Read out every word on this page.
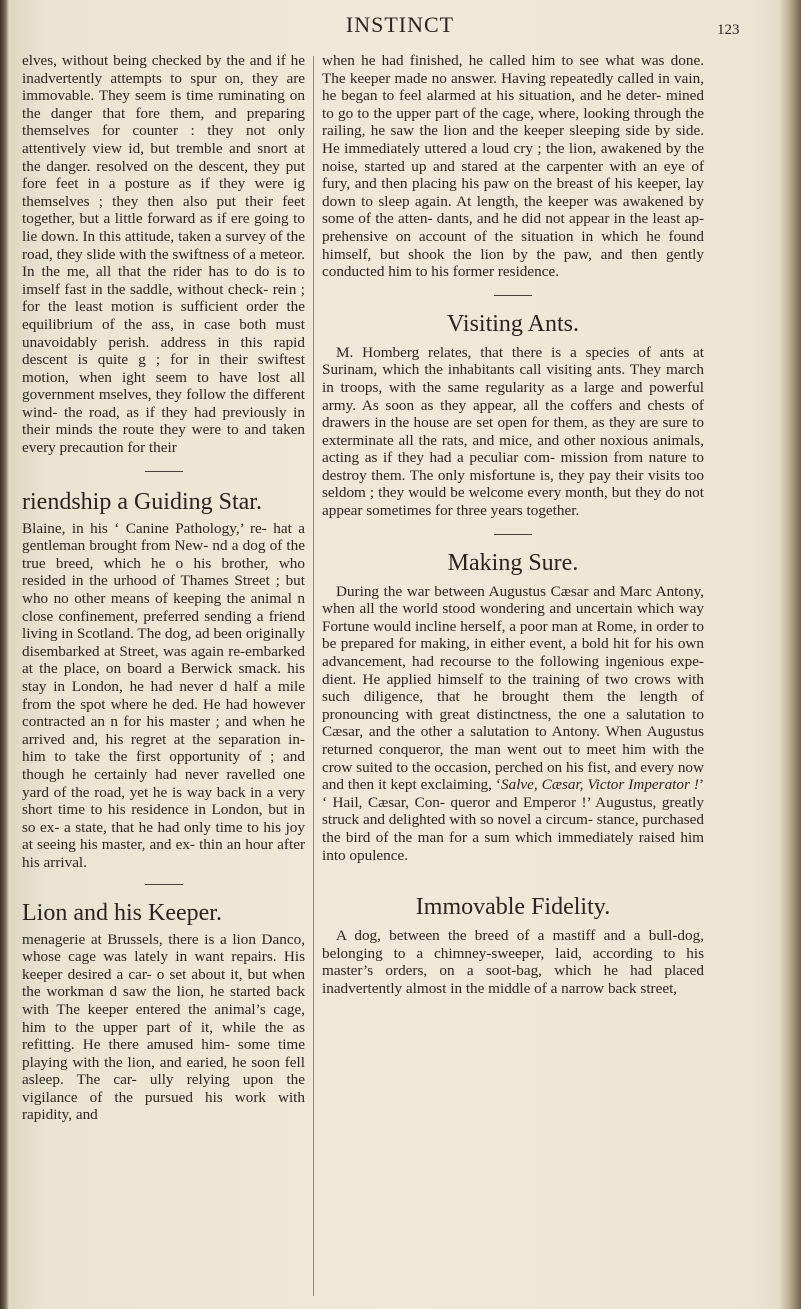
INSTINCT	123

elves, without being checked by the and if he inadvertently attempts to spur on, they are immovable. They seem is time ruminating on the danger that fore them, and preparing themselves for counter : they not only attentively view id, but tremble and snort at the danger. resolved on the descent, they put fore feet in a posture as if they were ig themselves ; they then also put their feet together, but a little forward as if ere going to lie down. In this attitude, taken a survey of the road, they slide with the swiftness of a meteor. In the me, all that the rider has to do is to imself fast in the saddle, without check- rein ; for the least motion is sufficient order the equilibrium of the ass, in case both must unavoidably perish. address in this rapid descent is quite g ; for in their swiftest motion, when ight seem to have lost all government mselves, they follow the different wind- the road, as if they had previously in their minds the route they were to and taken every precaution for their

riendship a Guiding Star.

Blaine, in his ‘ Canine Pathology,’ re- hat a gentleman brought from New- nd a dog of the true breed, which he o his brother, who resided in the urhood of Thames Street ; but who no other means of keeping the animal n close confinement, preferred sending a friend living in Scotland. The dog, ad been originally disembarked at Street, was again re-embarked at the place, on board a Berwick smack. his stay in London, he had never d half a mile from the spot where he ded. He had however contracted an n for his master ; and when he arrived and, his regret at the separation in- him to take the first opportunity of ; and though he certainly had never ravelled one yard of the road, yet he is way back in a very short time to his residence in London, but in so ex- a state, that he had only time to his joy at seeing his master, and ex- thin an hour after his arrival.

Lion and his Keeper.

menagerie at Brussels, there is a lion Danco, whose cage was lately in want repairs. His keeper desired a car- o set about it, but when the workman d saw the lion, he started back with The keeper entered the animal’s cage, him to the upper part of it, while the as refitting. He there amused him- some time playing with the lion, and earied, he soon fell asleep. The car- ully relying upon the vigilance of the pursued his work with rapidity, and

when he had finished, he called him to see what was done. The keeper made no answer. Having repeatedly called in vain, he began to feel alarmed at his situation, and he deter- mined to go to the upper part of the cage, where, looking through the railing, he saw the lion and the keeper sleeping side by side. He immediately uttered a loud cry ; the lion, awakened by the noise, started up and stared at the carpenter with an eye of fury, and then placing his paw on the breast of his keeper, lay down to sleep again. At length, the keeper was awakened by some of the atten- dants, and he did not appear in the least ap- prehensive on account of the situation in which he found himself, but shook the lion by the paw, and then gently conducted him to his former residence.

Visiting Ants.

M. Homberg relates, that there is a species of ants at Surinam, which the inhabitants call visiting ants. They march in troops, with the same regularity as a large and powerful army. As soon as they appear, all the coffers and chests of drawers in the house are set open for them, as they are sure to exterminate all the rats, and mice, and other noxious animals, acting as if they had a peculiar com- mission from nature to destroy them. The only misfortune is, they pay their visits too seldom ; they would be welcome every month, but they do not appear sometimes for three years together.

Making Sure.

During the war between Augustus Cæsar and Marc Antony, when all the world stood wondering and uncertain which way Fortune would incline herself, a poor man at Rome, in order to be prepared for making, in either event, a bold hit for his own advancement, had recourse to the following ingenious expe- dient. He applied himself to the training of two crows with such diligence, that he brought them the length of pronouncing with great distinctness, the one a salutation to Cæsar, and the other a salutation to Antony. When Augustus returned conqueror, the man went out to meet him with the crow suited to the occasion, perched on his fist, and every now and then it kept exclaiming, ‘Salve, Cæsar, Victor Imperator !’ ‘ Hail, Cæsar, Con- queror and Emperor !’ Augustus, greatly struck and delighted with so novel a circum- stance, purchased the bird of the man for a sum which immediately raised him into opulence.

Immovable Fidelity.

A dog, between the breed of a mastiff and a bull-dog, belonging to a chimney-sweeper, laid, according to his master’s orders, on a soot-bag, which he had placed inadvertently almost in the middle of a narrow back street,
